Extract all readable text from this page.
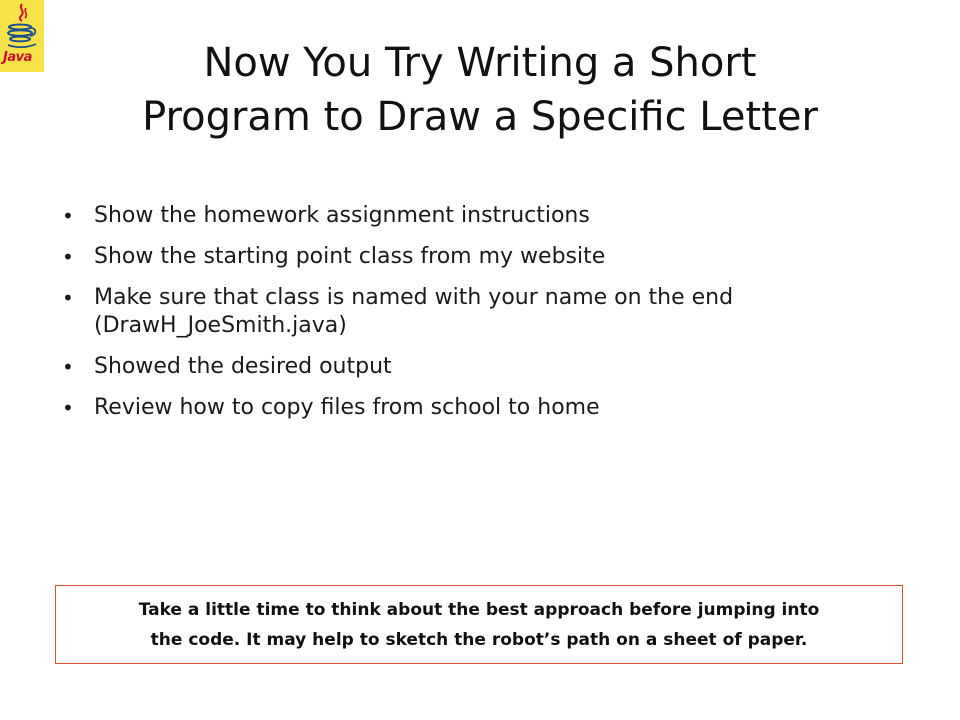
Java	Now You Try Writing a Short
Program to Draw a Specific Letter
• Show the homework assignment instructions
• Show the starting point class from my website
• Make sure that class is named with your name on the end (DrawH_JoeSmith.java)
• Showed the desired output
• Review how to copy files from school to home
Take a little time to think about the best approach before jumping into
the code. It may help to sketch the robot’s path on a sheet of paper.
